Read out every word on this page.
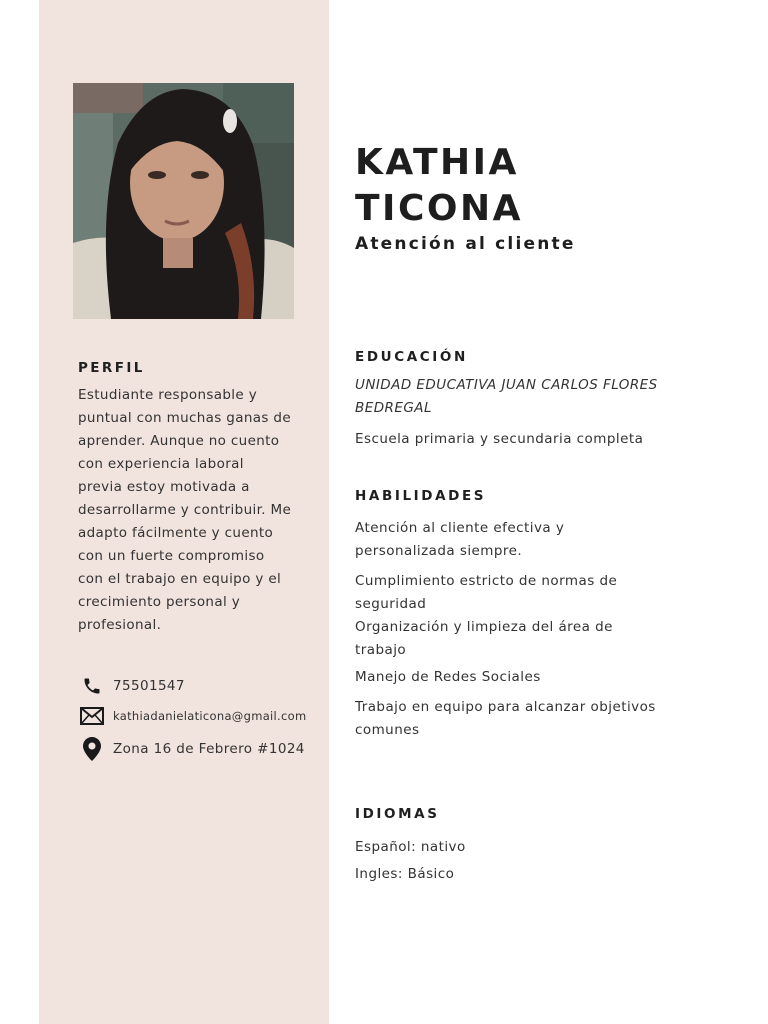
PERFIL
Estudiante responsable y
puntual con muchas ganas de
aprender. Aunque no cuento
con experiencia laboral
previa estoy motivada a
desarrollarme y contribuir. Me
adapto fácilmente y cuento
con un fuerte compromiso
con el trabajo en equipo y el
crecimiento personal y
profesional.
75501547
kathiadanielaticona@gmail.com
Zona 16 de Febrero #1024
KATHIA
TICONA
Atención al cliente
EDUCACIÓN
UNIDAD EDUCATIVA JUAN CARLOS FLORES
BEDREGAL
Escuela primaria y secundaria completa
HABILIDADES
Atención al cliente efectiva y
personalizada siempre.
Cumplimiento estricto de normas de
seguridad
Organización y limpieza del área de
trabajo
Manejo de Redes Sociales
Trabajo en equipo para alcanzar objetivos
comunes
IDIOMAS
Español: nativo
Ingles: Básico
